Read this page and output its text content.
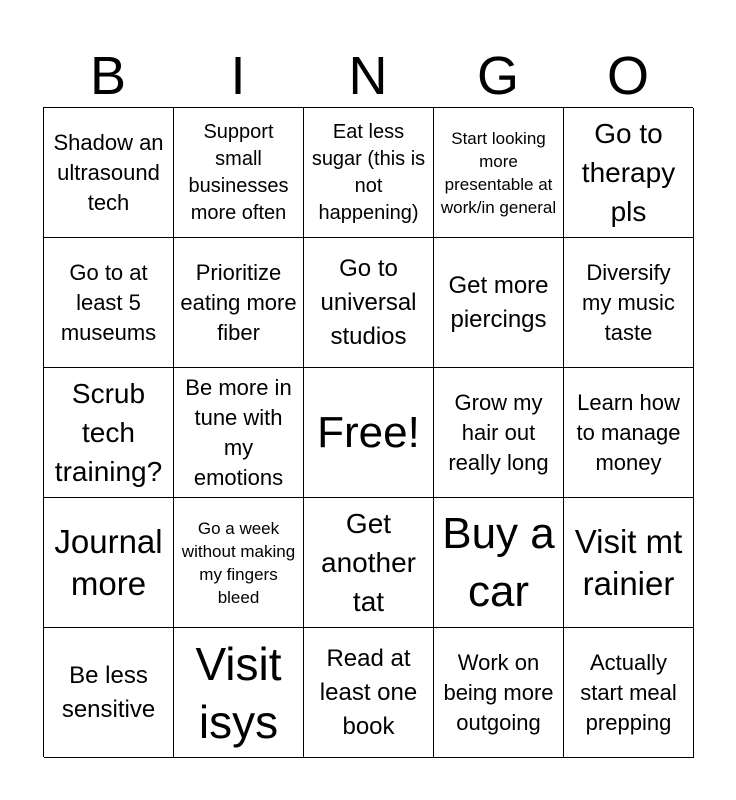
B	I	N	G	O
Shadow an ultrasound tech
Support small businesses more often
Eat less sugar (this is not happening)
Start looking more presentable at work/in general
Go to therapy pls
Go to at least 5 museums
Prioritize eating more fiber
Go to universal studios
Get more piercings
Diversify my music taste
Scrub tech training?
Be more in tune with my emotions
Free!
Grow my hair out really long
Learn how to manage money
Journal more
Go a week without making my fingers bleed
Get another tat
Buy a car
Visit mt rainier
Be less sensitive
Visit isys
Read at least one book
Work on being more outgoing
Actually start meal prepping
